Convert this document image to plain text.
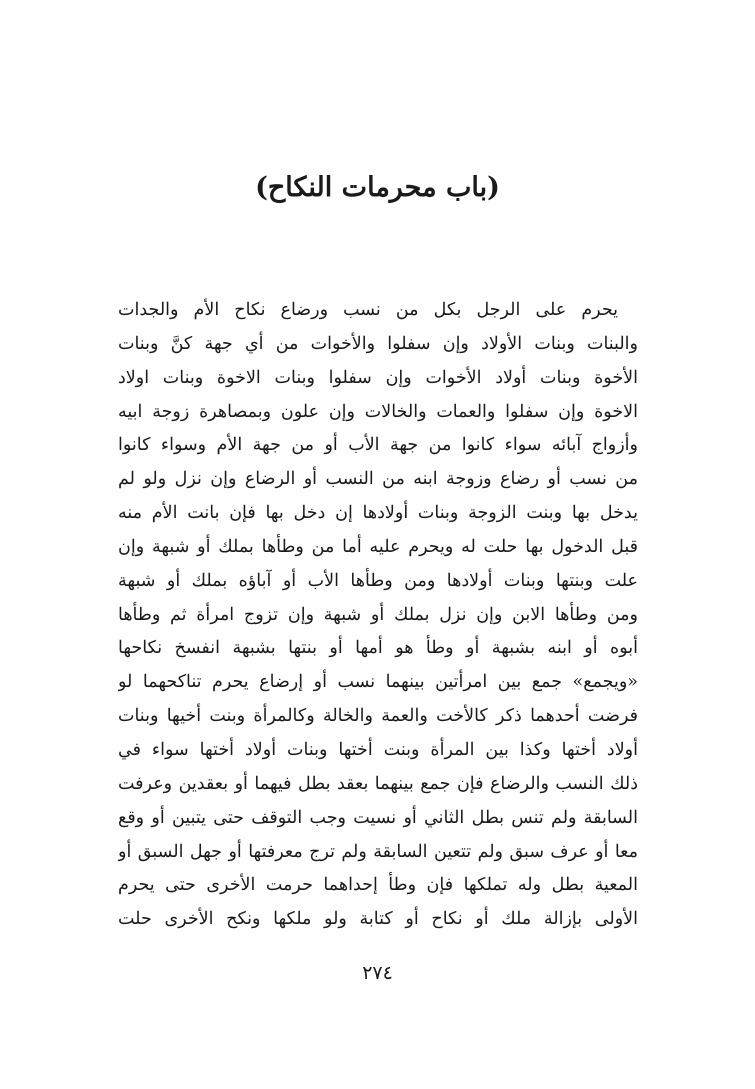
(باب محرمات النكاح)
يحرم على الرجل بكل من نسب ورضاع نكاح الأم والجدات
والبنات وبنات الأولاد وإن سفلوا والأخوات من أي جهة كنَّ وبنات
الأخوة وبنات أولاد الأخوات وإن سفلوا وبنات الاخوة وبنات اولاد
الاخوة وإن سفلوا والعمات والخالات وإن علون وبمصاهرة زوجة ابيه
وأزواج آبائه سواء كانوا من جهة الأب أو من جهة الأم وسواء كانوا
من نسب أو رضاع وزوجة ابنه من النسب أو الرضاع وإن نزل ولو لم
يدخل بها وبنت الزوجة وبنات أولادها إن دخل بها فإن بانت الأم منه
قبل الدخول بها حلت له ويحرم عليه أما من وطأها بملك أو شبهة وإن
علت وبنتها وبنات أولادها ومن وطأها الأب أو آباؤه بملك أو شبهة
ومن وطأها الابن وإن نزل بملك أو شبهة وإن تزوج امرأة ثم وطأها
أبوه أو ابنه بشبهة أو وطأ هو أمها أو بنتها بشبهة انفسخ نكاحها
«ويجمع» جمع بين امرأتين بينهما نسب أو إرضاع يحرم تناكحهما لو
فرضت أحدهما ذكر كالأخت والعمة والخالة وكالمرأة وبنت أخيها وبنات
أولاد أختها وكذا بين المرأة وبنت أختها وبنات أولاد أختها سواء في
ذلك النسب والرضاع فإن جمع بينهما بعقد بطل فيهما أو بعقدين وعرفت
السابقة ولم تنس بطل الثاني أو نسيت وجب التوقف حتى يتبين أو وقع
معا أو عرف سبق ولم تتعين السابقة ولم ترج معرفتها أو جهل السبق أو
المعية بطل وله تملكها فإن وطأ إحداهما حرمت الأخرى حتى يحرم
الأولى بإزالة ملك أو نكاح أو كتابة ولو ملكها ونكح الأخرى حلت
٢٧٤
